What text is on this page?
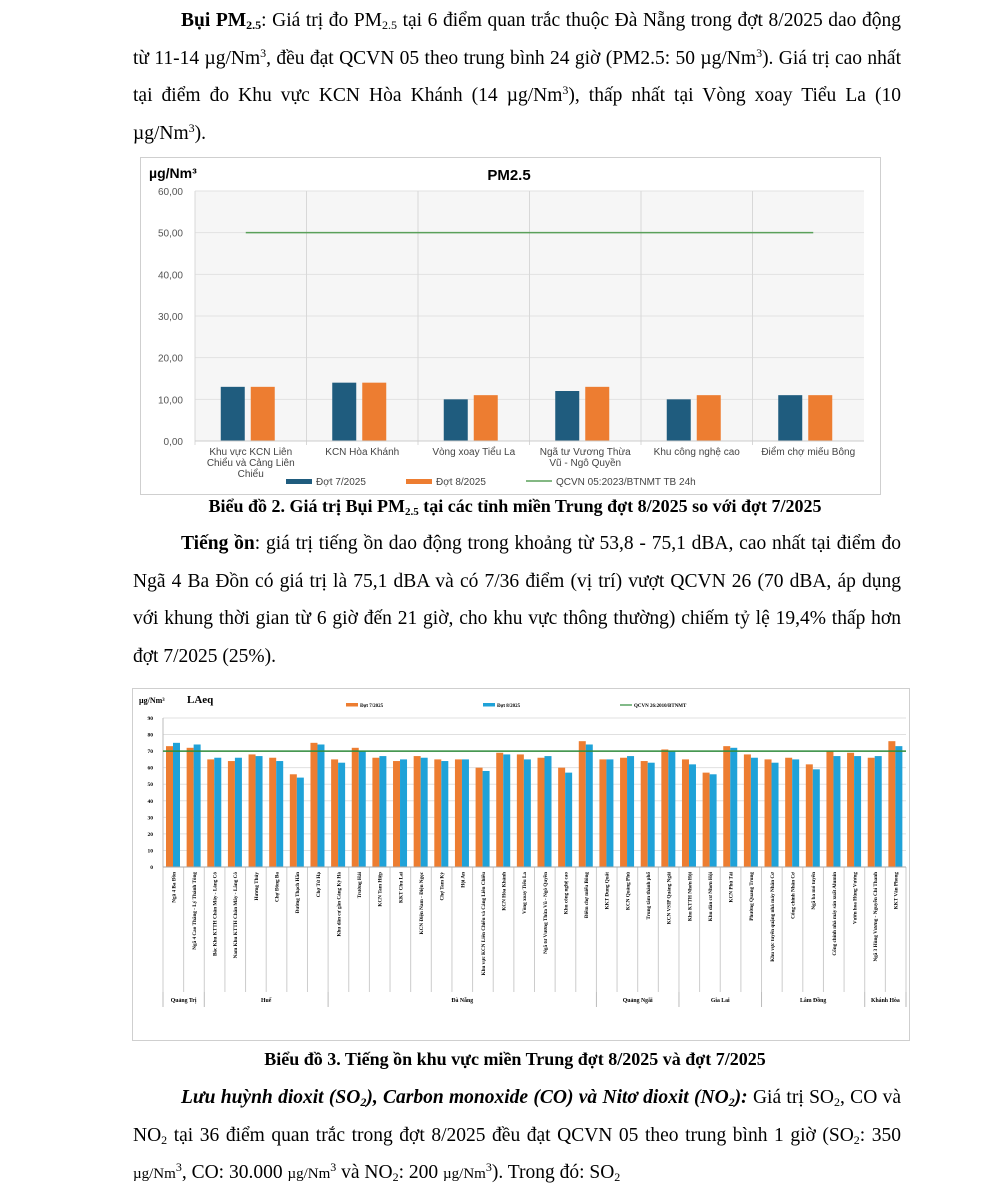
Bụi $PM_{2.5}$: Giá trị đo $PM_{2.5}$ tại 6 điểm quan trắc thuộc Đà Nẵng trong đợt 8/2025 dao động từ 11-14 µg/Nm$^3$, đều đạt QCVN 05 theo trung bình 24 giờ (PM2.5: 50 µg/Nm$^3$). Giá trị cao nhất tại điểm đo Khu vực KCN Hòa Khánh (14 µg/Nm$^3$), thấp nhất tại Vòng xoay Tiểu La (10 µg/Nm$^3$).

0,00
10,00
20,00
30,00
40,00
50,00
60,00
µg/Nm³	PM2.5
Khu vực KCN Liên
Chiểu và Cảng Liên
Chiểu
KCN Hòa Khánh	Vòng xoay Tiểu La Ngã tư Vương Thừa
Vũ - Ngô Quyền
Khu công nghệ cao Điểm chợ miếu Bông
Đợt 7/2025	Đợt 8/2025	QCVN 05:2023/BTNMT TB 24h

Biểu đồ 2. Giá trị Bụi $PM_{2.5}$ tại các tỉnh miền Trung đợt 8/2025 so với đợt 7/2025

Tiếng ồn: giá trị tiếng ồn dao động trong khoảng từ 53,8 - 75,1 dBA, cao nhất tại điểm đo Ngã 4 Ba Đồn có giá trị là 75,1 dBA và có 7/36 điểm (vị trí) vượt QCVN 26 (70 dBA, áp dụng với khung thời gian từ 6 giờ đến 21 giờ, cho khu vực thông thường) chiếm tỷ lệ 19,4% thấp hơn đợt 7/2025 (25%).

µg/Nm³ LAeq
0
10
20
30
40
50
60
70
80
90
Ngã 4 Ba Đồn	Ngã 4 Cao Thắng - Lý Thánh Tông	Bắc Khu KTTH Chân Mây - Lăng Cô	Nam Khu KTTH Chân Mây - Lăng Cô	Hương Thủy	Chợ Đông Ba	Đường Thạch Hãn	Chợ Tứ Hạ	Khu dân cư gần Cảng Kỳ Hà	Trường Hải	KCN Tam Hiệp	KKT Chu Lai	KCN Điện Nam - Điện Ngọc	Chợ Tam Kỳ	Hội An	Khu vực KCN Liên Chiểu và Cảng Liên Chiểu	KCN Hòa Khánh	Vòng xoay Tiểu La	Ngã tư Vương Thừa Vũ - Ngô Quyền	Khu công nghệ cao	Điểm chợ miếu Bông	KKT Dung Quất	KCN Quảng Phú	Trung tâm thành phố	KCN VSIP Quảng Ngãi	Khu KTTH Nhơn Hội	Khu dân cư Nhơn Hội	KCN Phú Tài	Phường Quang Trung	Khu vực tuyển quặng nhà máy Nhân Cơ	Cổng chính Nhân Cơ	Ngã ba mỏ tuyển	Cổng chính nhà máy sản xuất Alumin	Vườn hoa Hùng Vương	Ngã 3 Hùng Vương - Nguyễn Chí Thanh	KKT Vân Phong
Quảng Trị	Huế	Đà Nẵng	Quảng Ngãi	Gia Lai	Lâm Đồng	Khánh Hòa
Đợt 7/2025	Đợt 8/2025	QCVN 26:2010/BTNMT

Biểu đồ 3. Tiếng ồn khu vực miền Trung đợt 8/2025 và đợt 7/2025

Lưu huỳnh dioxit $(SO_2)$, Carbon monoxide (CO) và Nitơ dioxit $(NO_2)$: Giá trị $SO_2$, CO và $NO_2$ tại 36 điểm quan trắc trong đợt 8/2025 đều đạt QCVN 05 theo trung bình 1 giờ ($SO_2$: 350 µg/Nm$^3$, CO: 30.000 µg/Nm$^3$ và $NO_2$: 200 µg/Nm$^3$). Trong đó: $SO_2$
